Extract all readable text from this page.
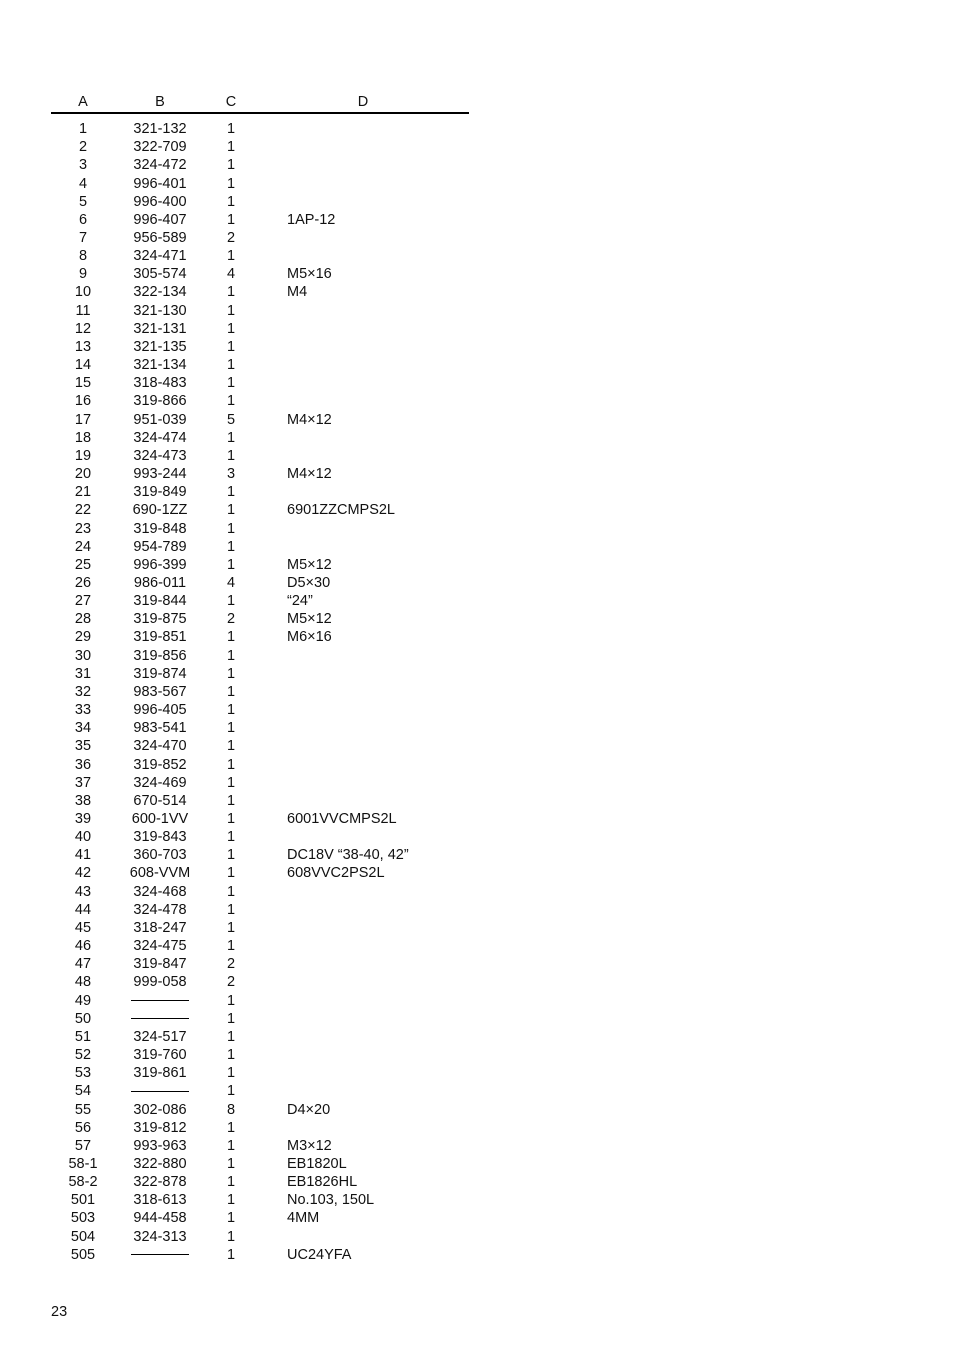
A	B	C	D
1	321-132	1	
2	322-709	1	
3	324-472	1	
4	996-401	1	
5	996-400	1	
6	996-407	1	1AP-12
7	956-589	2	
8	324-471	1	
9	305-574	4	M5×16
10	322-134	1	M4
11	321-130	1	
12	321-131	1	
13	321-135	1	
14	321-134	1	
15	318-483	1	
16	319-866	1	
17	951-039	5	M4×12
18	324-474	1	
19	324-473	1	
20	993-244	3	M4×12
21	319-849	1	
22	690-1ZZ	1	6901ZZCMPS2L
23	319-848	1	
24	954-789	1	
25	996-399	1	M5×12
26	986-011	4	D5×30
27	319-844	1	“24”
28	319-875	2	M5×12
29	319-851	1	M6×16
30	319-856	1	
31	319-874	1	
32	983-567	1	
33	996-405	1	
34	983-541	1	
35	324-470	1	
36	319-852	1	
37	324-469	1	
38	670-514	1	
39	600-1VV	1	6001VVCMPS2L
40	319-843	1	
41	360-703	1	DC18V “38-40, 42”
42	608-VVM	1	608VVC2PS2L
43	324-468	1	
44	324-478	1	
45	318-247	1	
46	324-475	1	
47	319-847	2	
48	999-058	2	
49		1	
50		1	
51	324-517	1	
52	319-760	1	
53	319-861	1	
54		1	
55	302-086	8	D4×20
56	319-812	1	
57	993-963	1	M3×12
58-1	322-880	1	EB1820L
58-2	322-878	1	EB1826HL
501	318-613	1	No.103, 150L
503	944-458	1	4MM
504	324-313	1	
505		1	UC24YFA
23
